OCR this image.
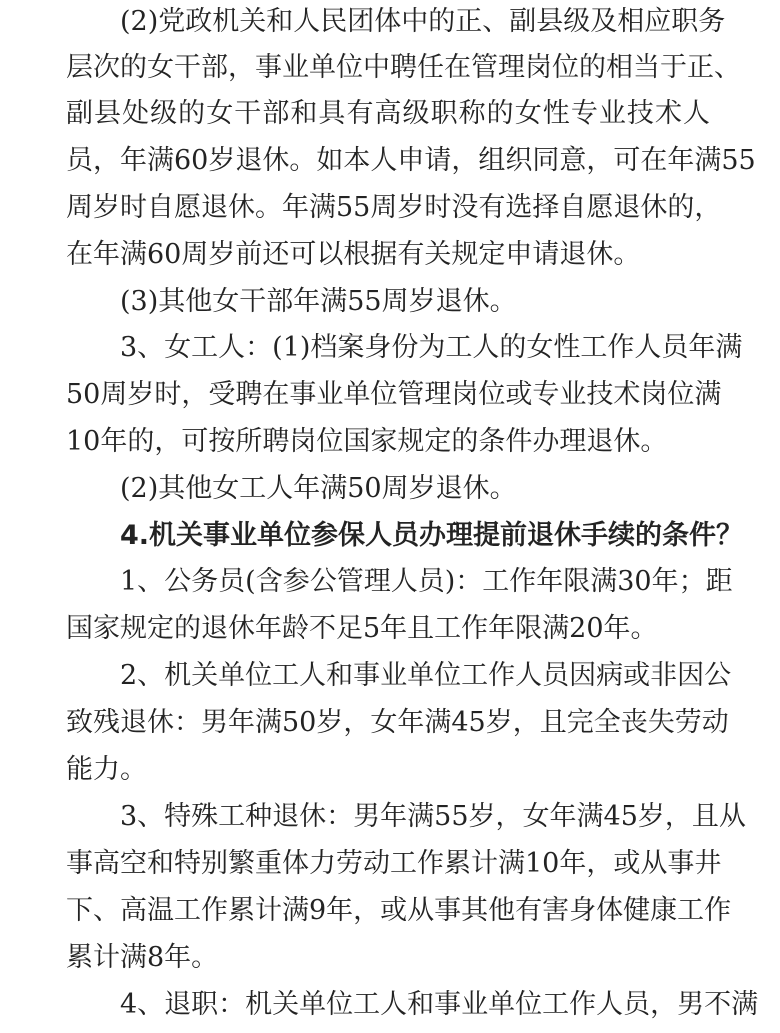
(2)党政机关和人民团体中的正、副县级及相应职务
层次的女干部，事业单位中聘任在管理岗位的相当于正、
副县处级的女干部和具有高级职称的女性专业技术人
员，年满60岁退休。如本人申请，组织同意，可在年满55
周岁时自愿退休。年满55周岁时没有选择自愿退休的，
在年满60周岁前还可以根据有关规定申请退休。
(3)其他女干部年满55周岁退休。
3、女工人：(1)档案身份为工人的女性工作人员年满
50周岁时，受聘在事业单位管理岗位或专业技术岗位满
10年的，可按所聘岗位国家规定的条件办理退休。
(2)其他女工人年满50周岁退休。
4.机关事业单位参保人员办理提前退休手续的条件？
1、公务员(含参公管理人员)：工作年限满30年；距
国家规定的退休年龄不足5年且工作年限满20年。
2、机关单位工人和事业单位工作人员因病或非因公
致残退休：男年满50岁，女年满45岁，且完全丧失劳动
能力。
3、特殊工种退休：男年满55岁，女年满45岁，且从
事高空和特别繁重体力劳动工作累计满10年，或从事井
下、高温工作累计满9年，或从事其他有害身体健康工作
累计满8年。
4、退职：机关单位工人和事业单位工作人员，男不满
